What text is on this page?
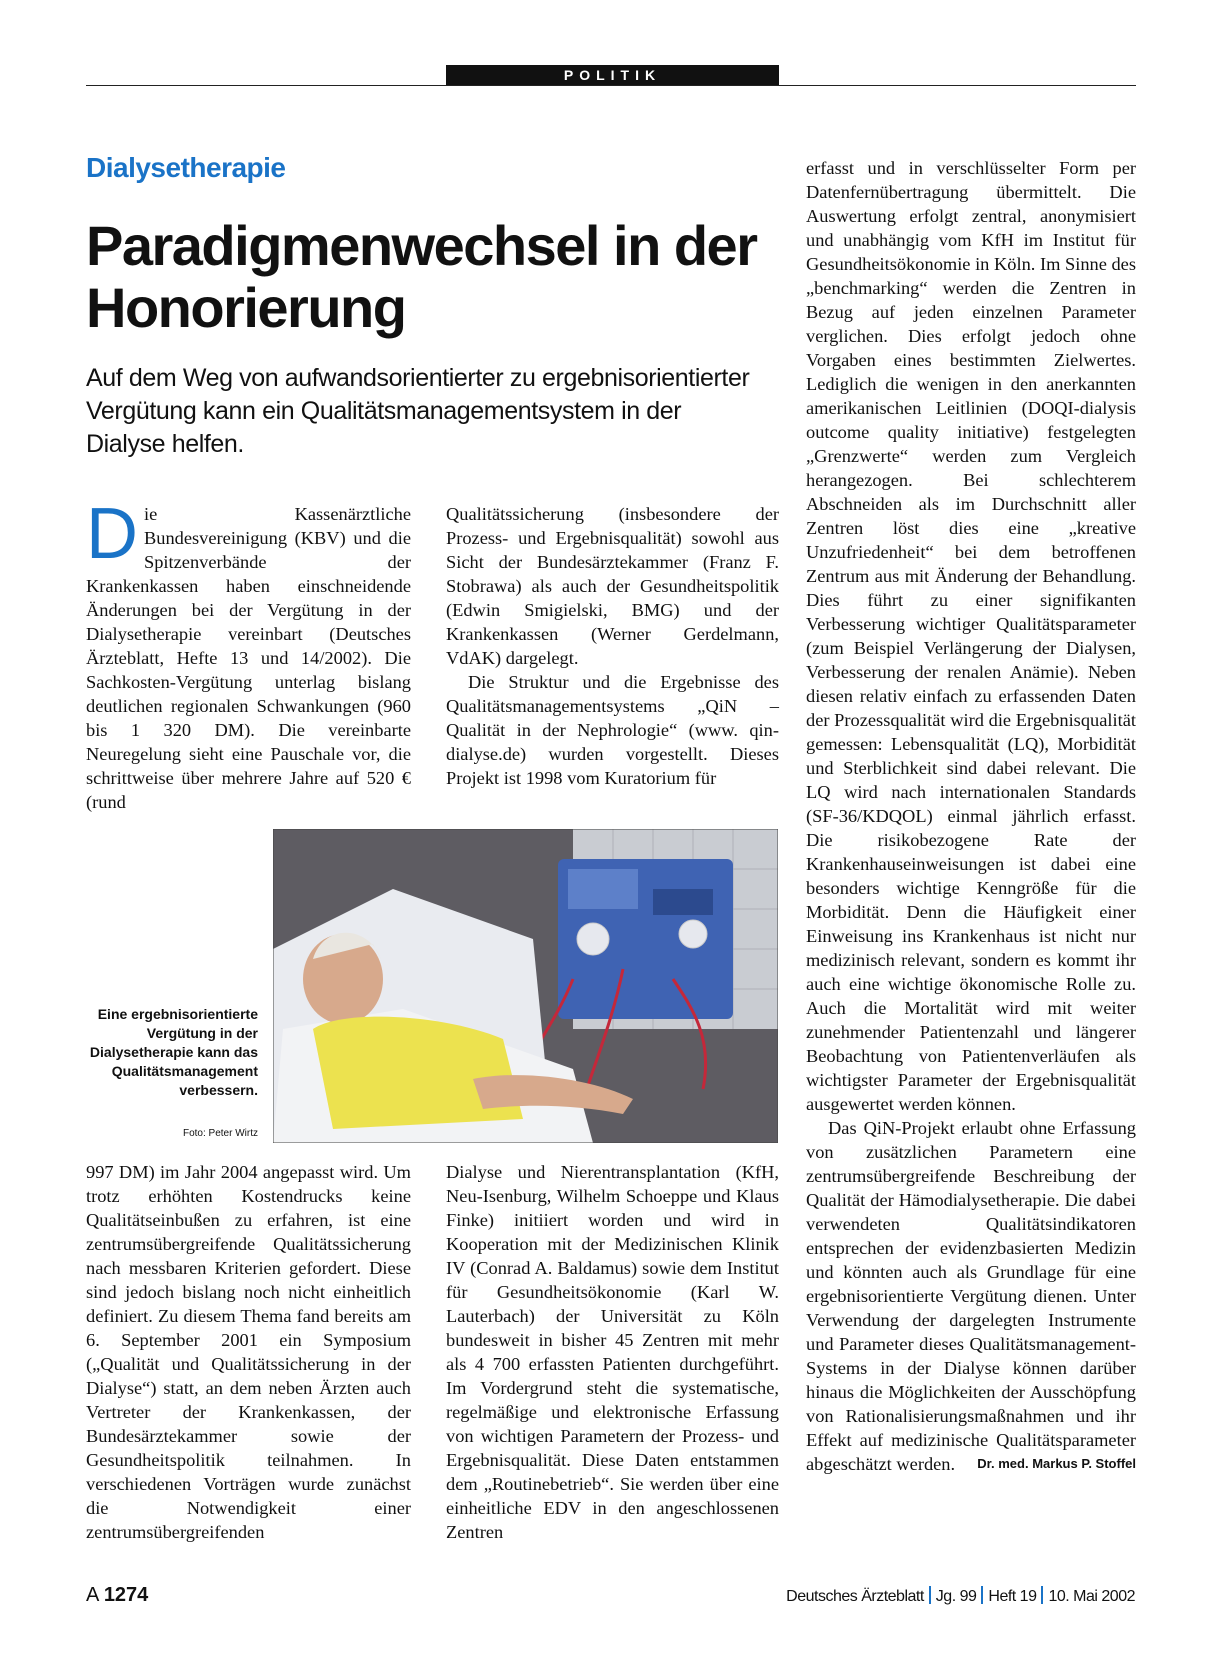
POLITIK
Dialysetherapie
Paradigmenwechsel in der Honorierung
Auf dem Weg von aufwandsorientierter zu ergebnisorientierter Vergütung kann ein Qualitätsmanagementsystem in der Dialyse helfen.

Die Kassenärztliche Bundesvereinigung (KBV) und die Spitzenverbände der Krankenkassen haben einschneidende Änderungen bei der Vergütung in der Dialysetherapie vereinbart (Deutsches Ärzteblatt, Hefte 13 und 14/2002). Die Sachkosten-Vergütung unterlag bislang deutlichen regionalen Schwankungen (960 bis 1 320 DM). Die vereinbarte Neuregelung sieht eine Pauschale vor, die schrittweise über mehrere Jahre auf 520 € (rund

Qualitätssicherung (insbesondere der Prozess- und Ergebnisqualität) sowohl aus Sicht der Bundesärztekammer (Franz F. Stobrawa) als auch der Gesundheitspolitik (Edwin Smigielski, BMG) und der Krankenkassen (Werner Gerdelmann, VdAK) dargelegt.

Die Struktur und die Ergebnisse des Qualitätsmanagementsystems „QiN – Qualität in der Nephrologie“ (www. qin-dialyse.de) wurden vorgestellt. Dieses Projekt ist 1998 vom Kuratorium für

Eine ergebnisorientierte Vergütung in der Dialysetherapie kann das Qualitätsmanagement verbessern.
Foto: Peter Wirtz

997 DM) im Jahr 2004 angepasst wird. Um trotz erhöhten Kostendrucks keine Qualitätseinbußen zu erfahren, ist eine zentrumsübergreifende Qualitätssicherung nach messbaren Kriterien gefordert. Diese sind jedoch bislang noch nicht einheitlich definiert. Zu diesem Thema fand bereits am 6. September 2001 ein Symposium („Qualität und Qualitätssicherung in der Dialyse“) statt, an dem neben Ärzten auch Vertreter der Krankenkassen, der Bundesärztekammer sowie der Gesundheitspolitik teilnahmen. In verschiedenen Vorträgen wurde zunächst die Notwendigkeit einer zentrumsübergreifenden

Dialyse und Nierentransplantation (KfH, Neu-Isenburg, Wilhelm Schoeppe und Klaus Finke) initiiert worden und wird in Kooperation mit der Medizinischen Klinik IV (Conrad A. Baldamus) sowie dem Institut für Gesundheitsökonomie (Karl W. Lauterbach) der Universität zu Köln bundesweit in bisher 45 Zentren mit mehr als 4 700 erfassten Patienten durchgeführt. Im Vordergrund steht die systematische, regelmäßige und elektronische Erfassung von wichtigen Parametern der Prozess- und Ergebnisqualität. Diese Daten entstammen dem „Routinebetrieb“. Sie werden über eine einheitliche EDV in den angeschlossenen Zentren

erfasst und in verschlüsselter Form per Datenfernübertragung übermittelt. Die Auswertung erfolgt zentral, anonymisiert und unabhängig vom KfH im Institut für Gesundheitsökonomie in Köln. Im Sinne des „benchmarking“ werden die Zentren in Bezug auf jeden einzelnen Parameter verglichen. Dies erfolgt jedoch ohne Vorgaben eines bestimmten Zielwertes. Lediglich die wenigen in den anerkannten amerikanischen Leitlinien (DOQI-dialysis outcome quality initiative) festgelegten „Grenzwerte“ werden zum Vergleich herangezogen. Bei schlechterem Abschneiden als im Durchschnitt aller Zentren löst dies eine „kreative Unzufriedenheit“ bei dem betroffenen Zentrum aus mit Änderung der Behandlung. Dies führt zu einer signifikanten Verbesserung wichtiger Qualitätsparameter (zum Beispiel Verlängerung der Dialysen, Verbesserung der renalen Anämie). Neben diesen relativ einfach zu erfassenden Daten der Prozessqualität wird die Ergebnisqualität gemessen: Lebensqualität (LQ), Morbidität und Sterblichkeit sind dabei relevant. Die LQ wird nach internationalen Standards (SF-36/KDQOL) einmal jährlich erfasst. Die risikobezogene Rate der Krankenhauseinweisungen ist dabei eine besonders wichtige Kenngröße für die Morbidität. Denn die Häufigkeit einer Einweisung ins Krankenhaus ist nicht nur medizinisch relevant, sondern es kommt ihr auch eine wichtige ökonomische Rolle zu. Auch die Mortalität wird mit weiter zunehmender Patientenzahl und längerer Beobachtung von Patientenverläufen als wichtigster Parameter der Ergebnisqualität ausgewertet werden können.

Das QiN-Projekt erlaubt ohne Erfassung von zusätzlichen Parametern eine zentrumsübergreifende Beschreibung der Qualität der Hämodialysetherapie. Die dabei verwendeten Qualitätsindikatoren entsprechen der evidenzbasierten Medizin und könnten auch als Grundlage für eine ergebnisorientierte Vergütung dienen. Unter Verwendung der dargelegten Instrumente und Parameter dieses Qualitätsmanagement-Systems in der Dialyse können darüber hinaus die Möglichkeiten der Ausschöpfung von Rationalisierungsmaßnahmen und ihr Effekt auf medizinische Qualitätsparameter abgeschätzt werden. Dr. med. Markus P. Stoffel

A 1274	Deutsches Ärzteblatt Jg. 99 Heft 19 10. Mai 2002
